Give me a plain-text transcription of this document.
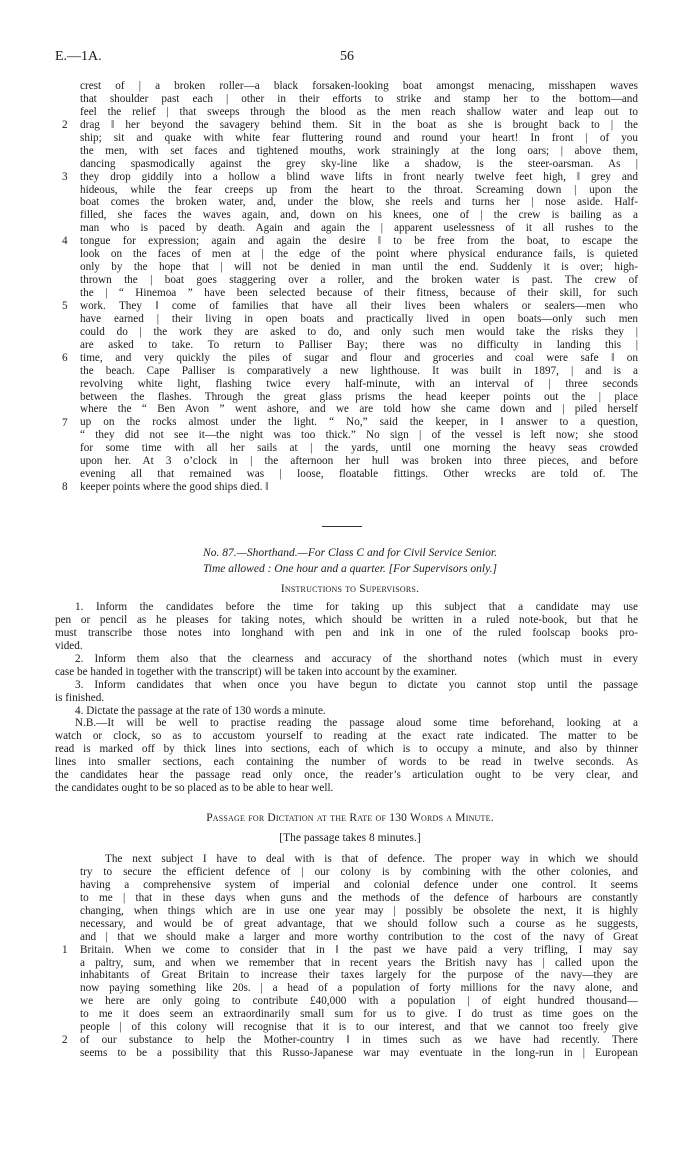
E.—1A.	56
crest of | a broken roller—a black forsaken-looking boat amongst menacing, misshapen waves
that shoulder past each | other in their efforts to strike and stamp her to the bottom—and
feel the relief | that sweeps through the blood as the men reach shallow water and leap out to
drag ‖ her beyond the savagery behind them. Sit in the boat as she is brought back to | the
ship; sit and quake with white fear fluttering round and round your heart! In front | of you
the men, with set faces and tightened mouths, work strainingly at the long oars; | above them,
dancing spasmodically against the grey sky-line like a shadow, is the steer-oarsman. As |
they drop giddily into a hollow a blind wave lifts in front nearly twelve feet high, ‖ grey and
hideous, while the fear creeps up from the heart to the throat. Screaming down | upon the
boat comes the broken water, and, under the blow, she reels and turns her | nose aside. Half-
filled, she faces the waves again, and, down on his knees, one of | the crew is bailing as a
man who is paced by death. Again and again the | apparent uselessness of it all rushes to the
tongue for expression; again and again the desire ‖ to be free from the boat, to escape the
look on the faces of men at | the edge of the point where physical endurance fails, is quieted
only by the hope that | will not be denied in man until the end. Suddenly it is over; high-
thrown the | boat goes staggering over a roller, and the broken water is past. The crew of
the | “ Hinemoa ” have been selected because of their fitness, because of their skill, for such
work. They ‖ come of families that have all their lives been whalers or sealers—men who
have earned | their living in open boats and practically lived in open boats—only such men
could do | the work they are asked to do, and only such men would take the risks they |
are asked to take. To return to Palliser Bay; there was no difficulty in landing this |
time, and very quickly the piles of sugar and flour and groceries and coal were safe ‖ on
the beach. Cape Palliser is comparatively a new lighthouse. It was built in 1897, | and is a
revolving white light, flashing twice every half-minute, with an interval of | three seconds
between the flashes. Through the great glass prisms the head keeper points out the | place
where the “ Ben Avon ” went ashore, and we are told how she came down and | piled herself
up on the rocks almost under the light. “ No,” said the keeper, in ‖ answer to a question,
“ they did not see it—the night was too thick.” No sign | of the vessel is left now; she stood
for some time with all her sails at | the yards, until one morning the heavy seas crowded
upon her. At 3 o’clock in | the afternoon her hull was broken into three pieces, and before
evening all that remained was | loose, floatable fittings. Other wrecks are told of. The
keeper points where the good ships died. ‖
2
3
4
5
6
7
8
No. 87.—Shorthand.—For Class C and for Civil Service Senior.
Time allowed : One hour and a quarter. [For Supervisors only.]
Instructions to Supervisors.
1. Inform the candidates before the time for taking up this subject that a candidate may use
pen or pencil as he pleases for taking notes, which should be written in a ruled note-book, but that he
must transcribe those notes into longhand with pen and ink in one of the ruled foolscap books pro-
vided.
2. Inform them also that the clearness and accuracy of the shorthand notes (which must in every
case be handed in together with the transcript) will be taken into account by the examiner.
3. Inform candidates that when once you have begun to dictate you cannot stop until the passage
is finished.
4. Dictate the passage at the rate of 130 words a minute.
N.B.—It will be well to practise reading the passage aloud some time beforehand, looking at a
watch or clock, so as to accustom yourself to reading at the exact rate indicated. The matter to be
read is marked off by thick lines into sections, each of which is to occupy a minute, and also by thinner
lines into smaller sections, each containing the number of words to be read in twelve seconds. As
the candidates hear the passage read only once, the reader’s articulation ought to be very clear, and
the candidates ought to be so placed as to be able to hear well.
Passage for Dictation at the Rate of 130 Words a Minute.
[The passage takes 8 minutes.]
The next subject I have to deal with is that of defence. The proper way in which we should
try to secure the efficient defence of | our colony is by combining with the other colonies, and
having a comprehensive system of imperial and colonial defence under one control. It seems
to me | that in these days when guns and the methods of the defence of harbours are constantly
changing, when things which are in use one year may | possibly be obsolete the next, it is highly
necessary, and would be of great advantage, that we should follow such a course as he suggests,
and | that we should make a larger and more worthy contribution to the cost of the navy of Great
Britain. When we come to consider that in ‖ the past we have paid a very trifling, I may say
a paltry, sum, and when we remember that in recent years the British navy has | called upon the
inhabitants of Great Britain to increase their taxes largely for the purpose of the navy—they are
now paying something like 20s. | a head of a population of forty millions for the navy alone, and
we here are only going to contribute £40,000 with a population | of eight hundred thousand—
to me it does seem an extraordinarily small sum for us to give. I do trust as time goes on the
people | of this colony will recognise that it is to our interest, and that we cannot too freely give
of our substance to help the Mother-country ‖ in times such as we have had recently. There
seems to be a possibility that this Russo-Japanese war may eventuate in the long-run in | European
1
2
